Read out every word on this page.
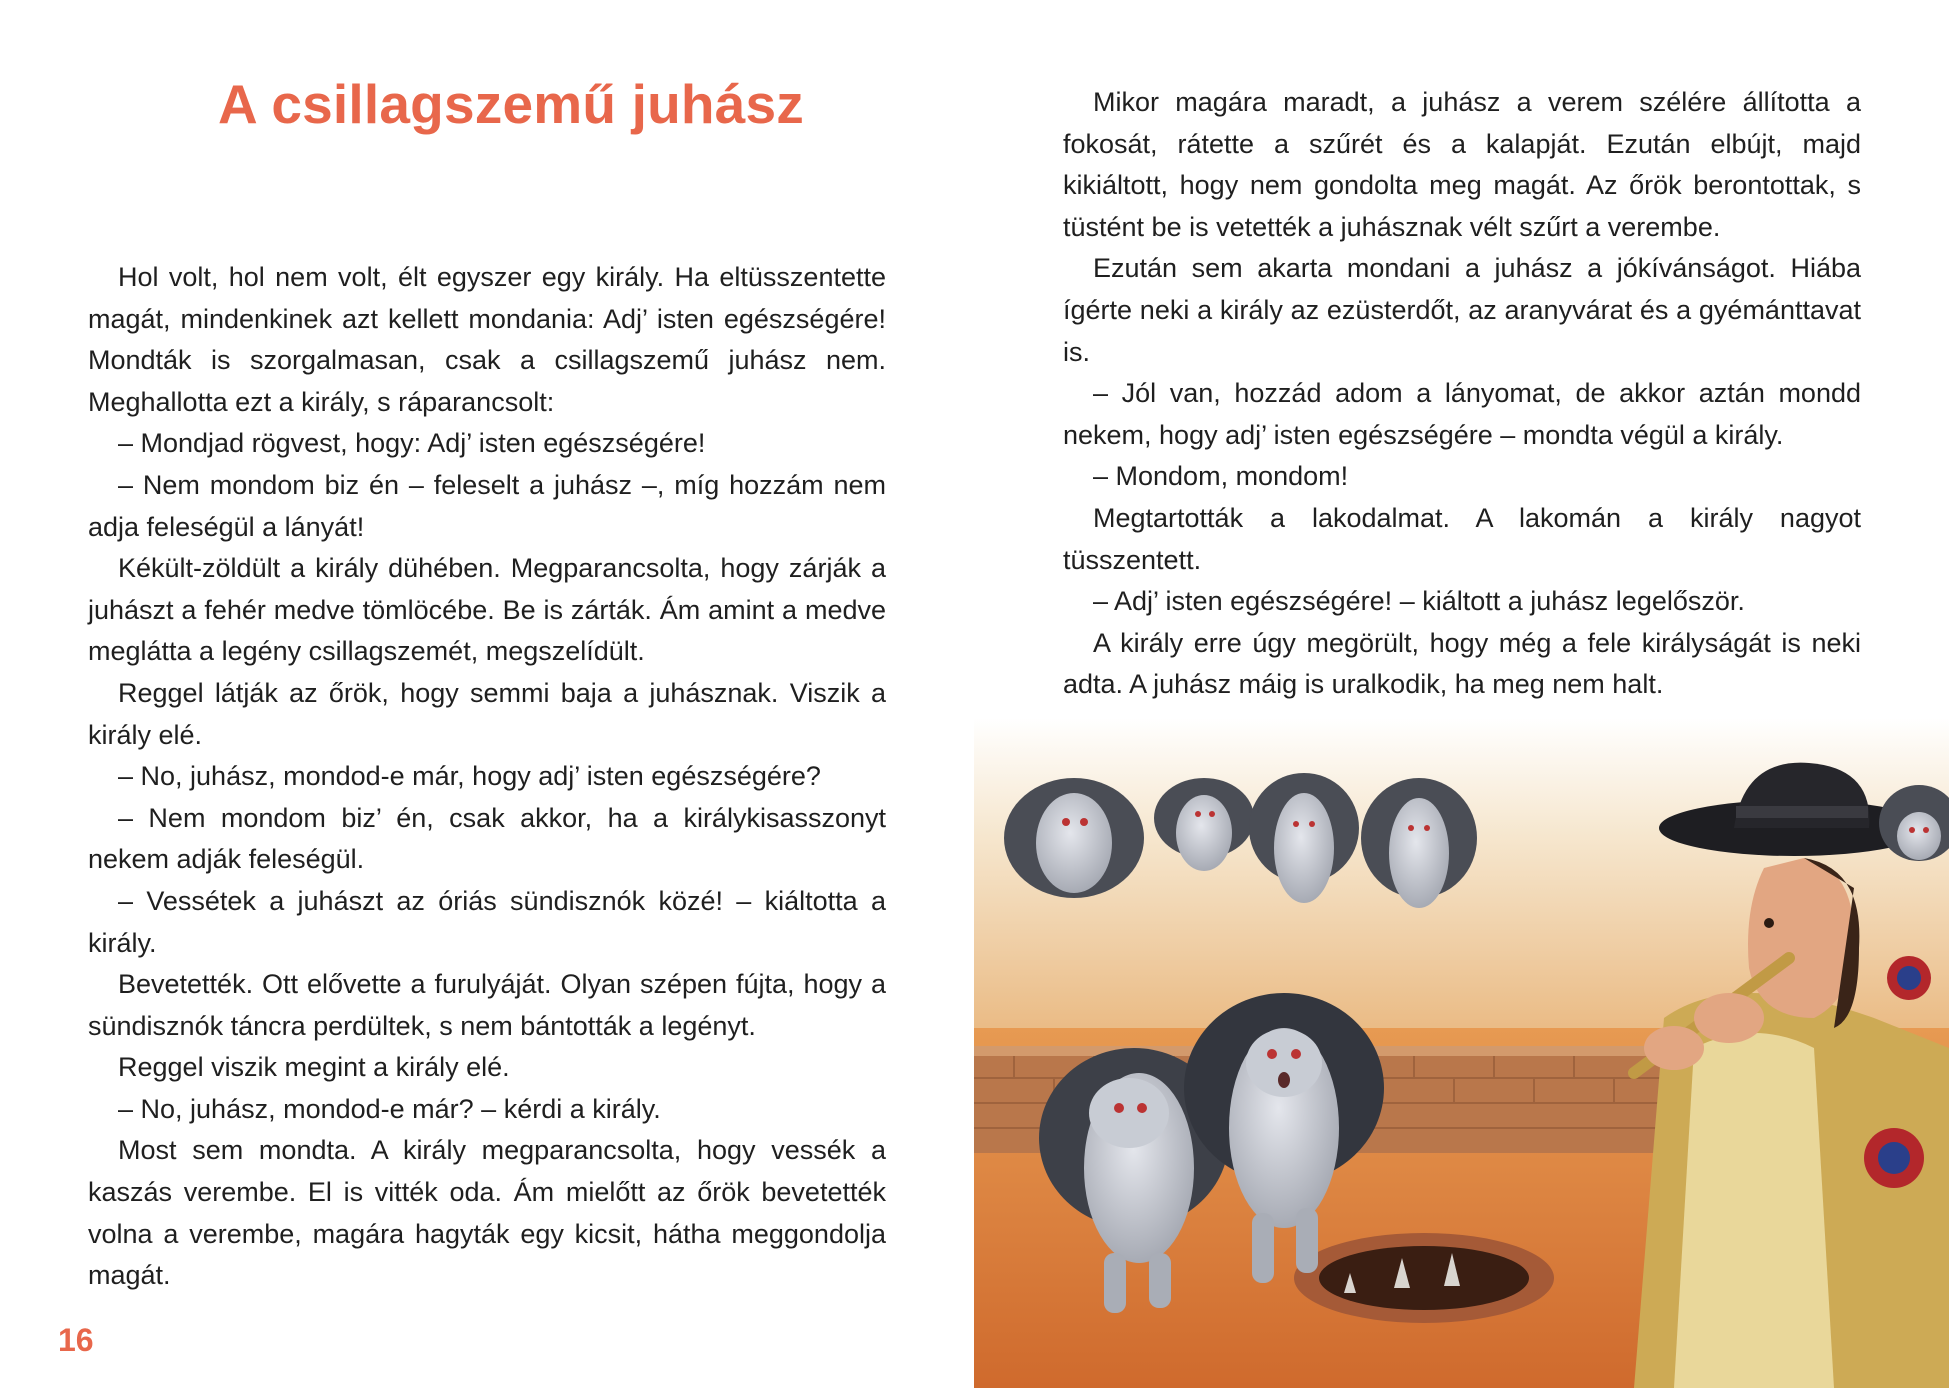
A csillagszemű juhász

Hol volt, hol nem volt, élt egyszer egy király. Ha eltüsszentette magát, mindenkinek azt kellett mondania: Adj’ isten egészségére! Mondták is szorgalmasan, csak a csillagszemű juhász nem. Meghallotta ezt a király, s ráparancsolt:

– Mondjad rögvest, hogy: Adj’ isten egészségére!

– Nem mondom biz én – feleselt a juhász –, míg hozzám nem adja feleségül a lányát!

Kékült-zöldült a király dühében. Megparancsolta, hogy zárják a juhászt a fehér medve tömlöcébe. Be is zárták. Ám amint a medve meglátta a legény csillagszemét, megszelídült.

Reggel látják az őrök, hogy semmi baja a juhásznak. Viszik a király elé.

– No, juhász, mondod-e már, hogy adj’ isten egészségére?

– Nem mondom biz’ én, csak akkor, ha a királykisasszonyt nekem adják feleségül.

– Vessétek a juhászt az óriás sündisznók közé! – kiáltotta a király.

Bevetették. Ott elővette a furulyáját. Olyan szépen fújta, hogy a sündisznók táncra perdültek, s nem bántották a legényt.

Reggel viszik megint a király elé.

– No, juhász, mondod-e már? – kérdi a király.

Most sem mondta. A király megparancsolta, hogy vessék a kaszás verembe. El is vitték oda. Ám mielőtt az őrök bevetették volna a verembe, magára hagyták egy kicsit, hátha meggondolja magát.

16

Mikor magára maradt, a juhász a verem szélére állította a fokosát, rátette a szűrét és a kalapját. Ezután elbújt, majd kikiáltott, hogy nem gondolta meg magát. Az őrök berontottak, s tüstént be is vetették a juhásznak vélt szűrt a verembe.

Ezután sem akarta mondani a juhász a jókívánságot. Hiába ígérte neki a király az ezüsterdőt, az aranyvárat és a gyémánttavat is.

– Jól van, hozzád adom a lányomat, de akkor aztán mondd nekem, hogy adj’ isten egészségére – mondta végül a király.

– Mondom, mondom!

Megtartották a lakodalmat. A lakomán a király nagyot tüsszentett.

– Adj’ isten egészségére! – kiáltott a juhász legelőször.

A király erre úgy megörült, hogy még a fele királyságát is neki adta. A juhász máig is uralkodik, ha meg nem halt.
